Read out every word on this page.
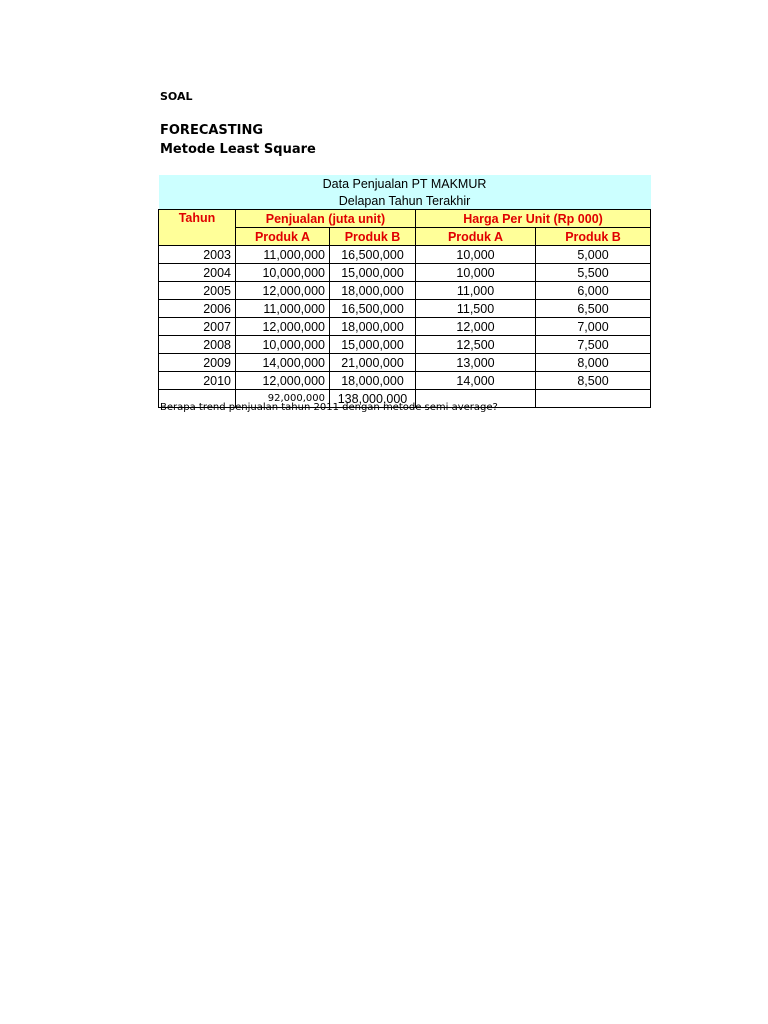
SOAL
FORECASTING
Metode Least Square
Data Penjualan PT MAKMUR				
Delapan Tahun Terakhir				
Tahun	Penjualan (juta unit)		Harga Per Unit (Rp 000)	
	Produk A	Produk B	Produk A	Produk B
2003	11,000,000	16,500,000	10,000	5,000
2004	10,000,000	15,000,000	10,000	5,500
2005	12,000,000	18,000,000	11,000	6,000
2006	11,000,000	16,500,000	11,500	6,500
2007	12,000,000	18,000,000	12,000	7,000
2008	10,000,000	15,000,000	12,500	7,500
2009	14,000,000	21,000,000	13,000	8,000
2010	12,000,000	18,000,000	14,000	8,500
	92,000,000	138,000,000		
Berapa trend penjualan tahun 2011 dengan metode semi average?
